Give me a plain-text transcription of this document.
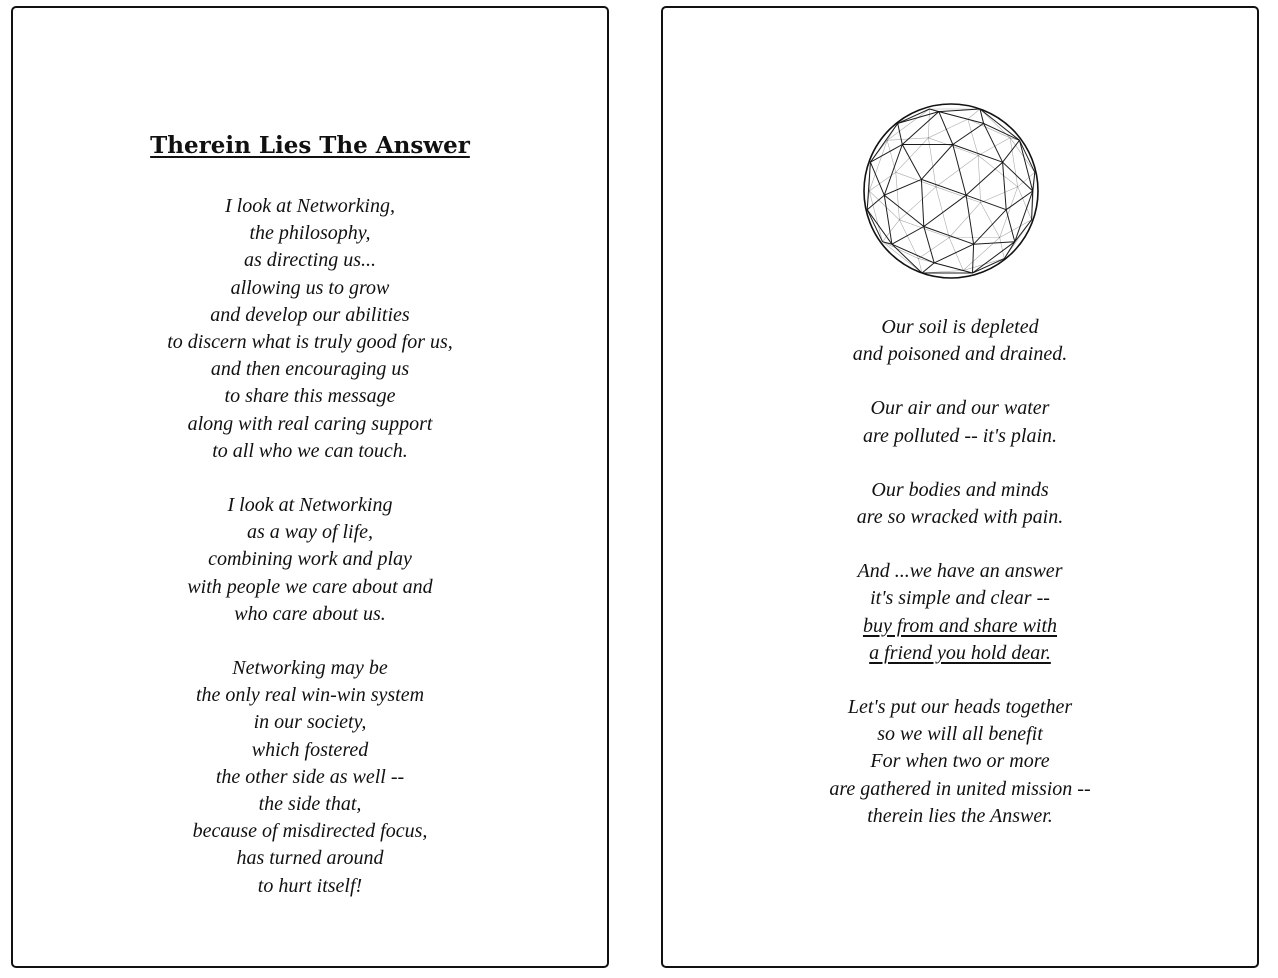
Therein Lies The Answer
I look at Networking,
the philosophy,
as directing us...
allowing us to grow
and develop our abilities
to discern what is truly good for us,
and then encouraging us
to share this message
along with real caring support
to all who we can touch.
I look at Networking
as a way of life,
combining work and play
with people we care about and
who care about us.
Networking may be
the only real win-win system
in our society,
which fostered
the other side as well --
the side that,
because of misdirected focus,
has turned around
to hurt itself!
Our soil is depleted
and poisoned and drained.
Our air and our water
are polluted -- it's plain.
Our bodies and minds
are so wracked with pain.
And ...we have an answer
it's simple and clear --
buy from and share with
a friend you hold dear.
Let's put our heads together
so we will all benefit
For when two or more
are gathered in united mission --
therein lies the Answer.
